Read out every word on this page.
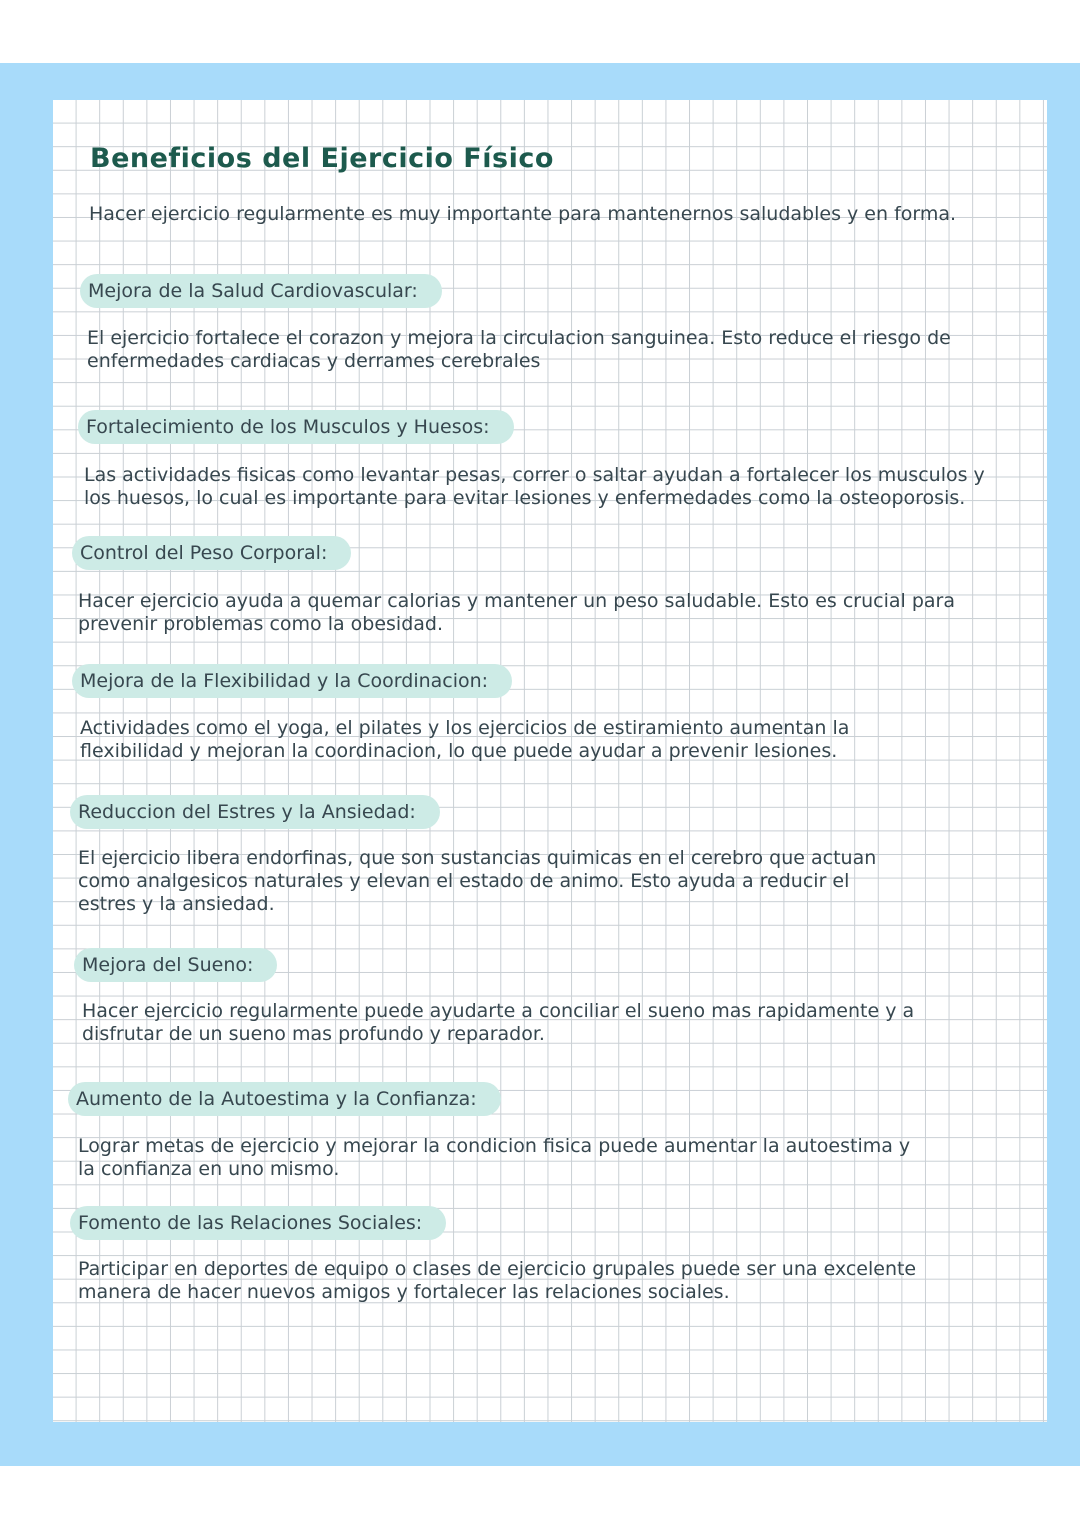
Beneficios del Ejercicio Físico
Hacer ejercicio regularmente es muy importante para mantenernos saludables y en forma.
Mejora de la Salud Cardiovascular:

El ejercicio fortalece el corazon y mejora la circulacion sanguinea. Esto reduce el riesgo de enfermedades cardiacas y derrames cerebrales

Fortalecimiento de los Musculos y Huesos:

Las actividades fisicas como levantar pesas, correr o saltar ayudan a fortalecer los musculos y los huesos, lo cual es importante para evitar lesiones y enfermedades como la osteoporosis.

Control del Peso Corporal:

Hacer ejercicio ayuda a quemar calorias y mantener un peso saludable. Esto es crucial para prevenir problemas como la obesidad.

Mejora de la Flexibilidad y la Coordinacion:

Actividades como el yoga, el pilates y los ejercicios de estiramiento aumentan la flexibilidad y mejoran la coordinacion, lo que puede ayudar a prevenir lesiones.

Reduccion del Estres y la Ansiedad:

El ejercicio libera endorfinas, que son sustancias quimicas en el cerebro que actuan como analgesicos naturales y elevan el estado de animo. Esto ayuda a reducir el estres y la ansiedad.

Mejora del Sueno:

Hacer ejercicio regularmente puede ayudarte a conciliar el sueno mas rapidamente y a disfrutar de un sueno mas profundo y reparador.

Aumento de la Autoestima y la Confianza:

Lograr metas de ejercicio y mejorar la condicion fisica puede aumentar la autoestima y la confianza en uno mismo.

Fomento de las Relaciones Sociales:

Participar en deportes de equipo o clases de ejercicio grupales puede ser una excelente manera de hacer nuevos amigos y fortalecer las relaciones sociales.
